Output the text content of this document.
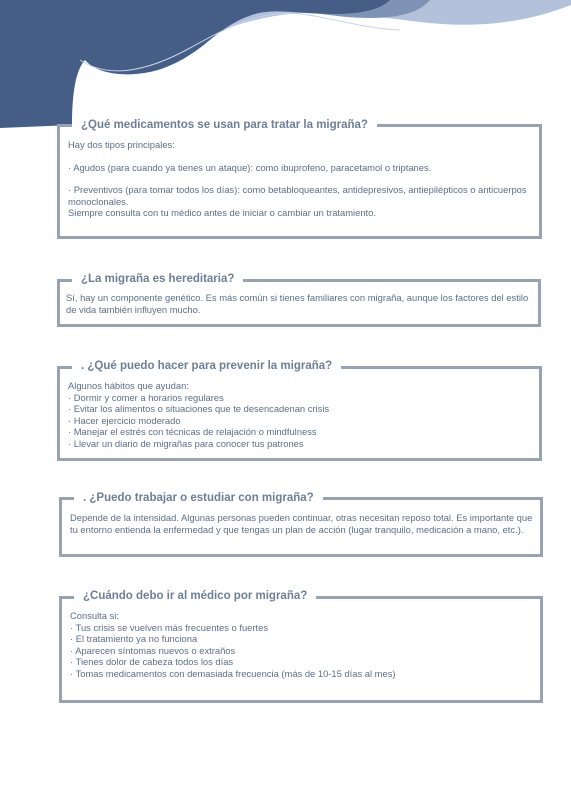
¿Qué medicamentos se usan para tratar la migraña?

Hay dos tipos principales:

· Agudos (para cuando ya tienes un ataque): como ibuprofeno, paracetamol o triptanes.

· Preventivos (para tomar todos los días): como betabloqueantes, antidepresivos, antiepilépticos o anticuerpos monoclonales.

Siempre consulta con tu médico antes de iniciar o cambiar un tratamiento.

¿La migraña es hereditaria?

Sí, hay un componente genético. Es más común si tienes familiares con migraña, aunque los factores del estilo de vida también influyen mucho.

. ¿Qué puedo hacer para prevenir la migraña?

Algunos hábitos que ayudan:

· Dormir y comer a horarios regulares
· Evitar los alimentos o situaciones que te desencadenan crisis
· Hacer ejercicio moderado
· Manejar el estrés con técnicas de relajación o mindfulness
· Llevar un diario de migrañas para conocer tus patrones
. ¿Puedo trabajar o estudiar con migraña?

Depende de la intensidad. Algunas personas pueden continuar, otras necesitan reposo total. Es importante que tu entorno entienda la enfermedad y que tengas un plan de acción (lugar tranquilo, medicación a mano, etc.).

¿Cuándo debo ir al médico por migraña?

Consulta si:

· Tus crisis se vuelven más frecuentes o fuertes
· El tratamiento ya no funciona
· Aparecen síntomas nuevos o extraños
· Tienes dolor de cabeza todos los días
· Tomas medicamentos con demasiada frecuencia (más de 10-15 días al mes)
